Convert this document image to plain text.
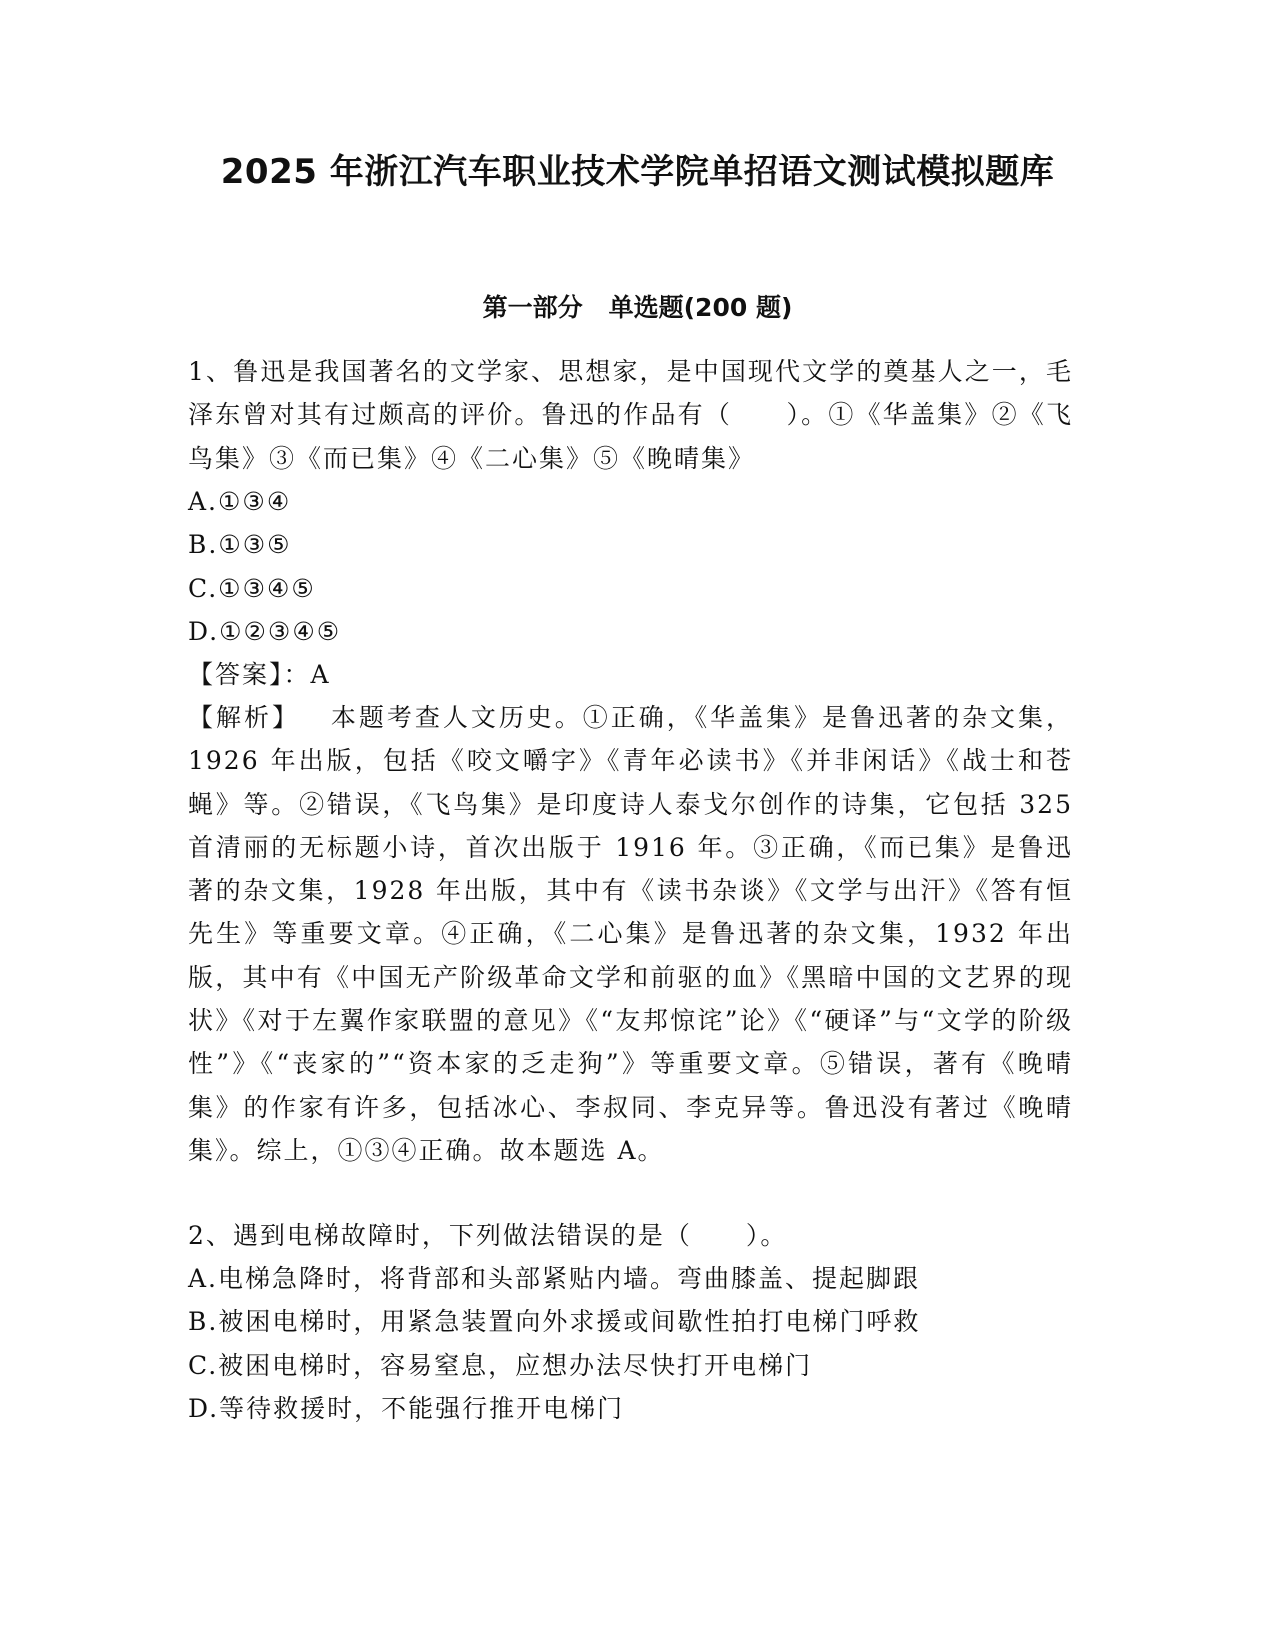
2025 年浙江汽车职业技术学院单招语文测试模拟题库
第一部分 单选题(200 题)
1、鲁迅是我国著名的文学家、思想家，是中国现代文学的奠基人之一，毛泽东曾对其有过颇高的评价。鲁迅的作品有（　　）。①《华盖集》②《飞鸟集》③《而已集》④《二心集》⑤《晚晴集》
A.①③④
B.①③⑤
C.①③④⑤
D.①②③④⑤
【答案】：A
【解析】 本题考查人文历史。①正确，《华盖集》是鲁迅著的杂文集，1926 年出版，包括《咬文嚼字》《青年必读书》《并非闲话》《战士和苍蝇》等。②错误，《飞鸟集》是印度诗人泰戈尔创作的诗集，它包括 325 首清丽的无标题小诗，首次出版于 1916 年。③正确，《而已集》是鲁迅著的杂文集，1928 年出版，其中有《读书杂谈》《文学与出汗》《答有恒先生》等重要文章。④正确，《二心集》是鲁迅著的杂文集，1932 年出版，其中有《中国无产阶级革命文学和前驱的血》《黑暗中国的文艺界的现状》《对于左翼作家联盟的意见》《“友邦惊诧”论》《“硬译”与“文学的阶级性”》《“丧家的”“资本家的乏走狗”》等重要文章。⑤错误，著有《晚晴集》的作家有许多，包括冰心、李叔同、李克异等。鲁迅没有著过《晚晴集》。综上，①③④正确。故本题选 A。
2、遇到电梯故障时，下列做法错误的是（　　）。
A.电梯急降时，将背部和头部紧贴内墙。弯曲膝盖、提起脚跟
B.被困电梯时，用紧急装置向外求援或间歇性拍打电梯门呼救
C.被困电梯时，容易窒息，应想办法尽快打开电梯门
D.等待救援时，不能强行推开电梯门
